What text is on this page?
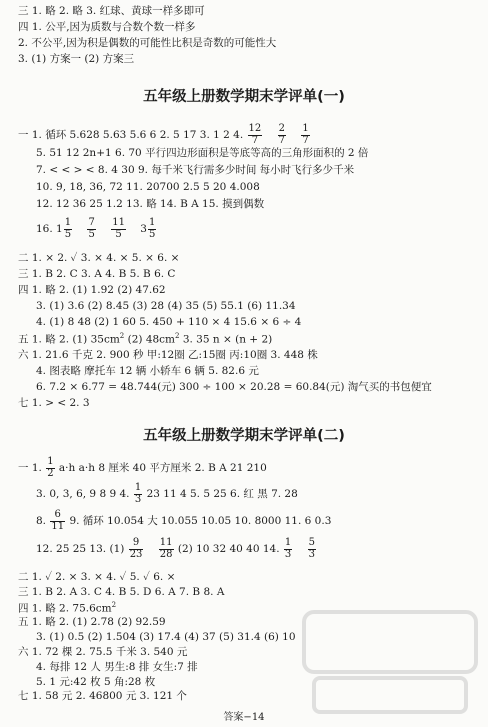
三 1. 略 2. 略 3. 红球、黄球一样多即可
四 1. 公平,因为质数与合数个数一样多
2. 不公平,因为积是偶数的可能性比积是奇数的可能性大
3. (1) 方案一 (2) 方案三
五年级上册数学期末学评单(一)
一 1. 循环 5.628 5.63 5.6 6 2. 5 17 3. 1 2 4. $\frac{12}{7}$
$\frac{2}{7}$
$\frac{1}{7}$
5. 51 12 2n+1 6. 70 平行四边形面积是等底等高的三角形面积的 2 倍
7. < < > < 8. 4 30 9. 每千米飞行需多少时间 每小时飞行多少千米
10. 9, 18, 36, 72 11. 20700 2.5 5 20 4.008
12. 12 36 25 1.2 13. 略 14. B A 15. 摸到偶数
16. $1 \frac{1}{5}$
$\frac{7}{5}$
$\frac{11}{5} 3 \frac{1}{5}$
二 1. × 2. ✓ 3. × 4. × 5. × 6. ×
三 1. B 2. C 3. A 4. B 5. B 6. C
四 1. 略 2. (1) 1.92 (2) 47.62
3. (1) 3.6 (2) 8.45 (3) 28 (4) 35 (5) 55.1 (6) 11.34
4. (1) 8 48 (2) 1 60 5. 450 + 110 × 4 15.6 × 6 ÷ 4
五 1. 略 2. (1) $35cm^2$ (2) $48cm^2$ 3. 35 n × (n + 2)
六 1. 21.6 千克 2. 900 秒 甲:12圈 乙:15圈 丙:10圈 3. 448 株
4. 图表略 摩托车 12 辆 小轿车 6 辆 5. 82.6 元
6. 7.2 × 6.77 = 48.744(元) 300 ÷ 100 × 20.28 = 60.84(元) 淘气买的书包便宜
七 1. > < 2. 3
五年级上册数学期末学评单(二)
一 1. $\frac{1}{2} a\cdot h$ a·h 8 厘米 40 平方厘米 2. B A 21 210
3. 0, 3, 6, 9 8 9 4. $\frac{1}{3} 23$ 11 4 5. 5 25 6. 红 黑 7. 28
8. $\frac{6}{11} 9$. 循环 10.054 大 10.055 10.05 10. 8000 11. 6 0.3
12. 25 25 13. $(1) \frac{9}{23}$
$\frac{11}{28} (2)$ 10 32 40 40 14. $\frac{1}{3}$
$\frac{5}{3}$
二 1. ✓ 2. × 3. × 4. ✓ 5. ✓ 6. ×
三 1. B 2. A 3. C 4. B 5. D 6. A 7. B 8. A
四 1. 略 2. $75.6cm^2$
五 1. 略 2. (1) 2.78 (2) 92.59
3. (1) 0.5 (2) 1.504 (3) 17.4 (4) 37 (5) 31.4 (6) 10
六 1. 72 棵 2. 75.5 千米 3. 540 元
4. 每排 12 人 男生:8 排 女生:7 排
5. 1 元:42 枚 5 角:28 枚
七 1. 58 元 2. 46800 元 3. 121 个
答案−14
